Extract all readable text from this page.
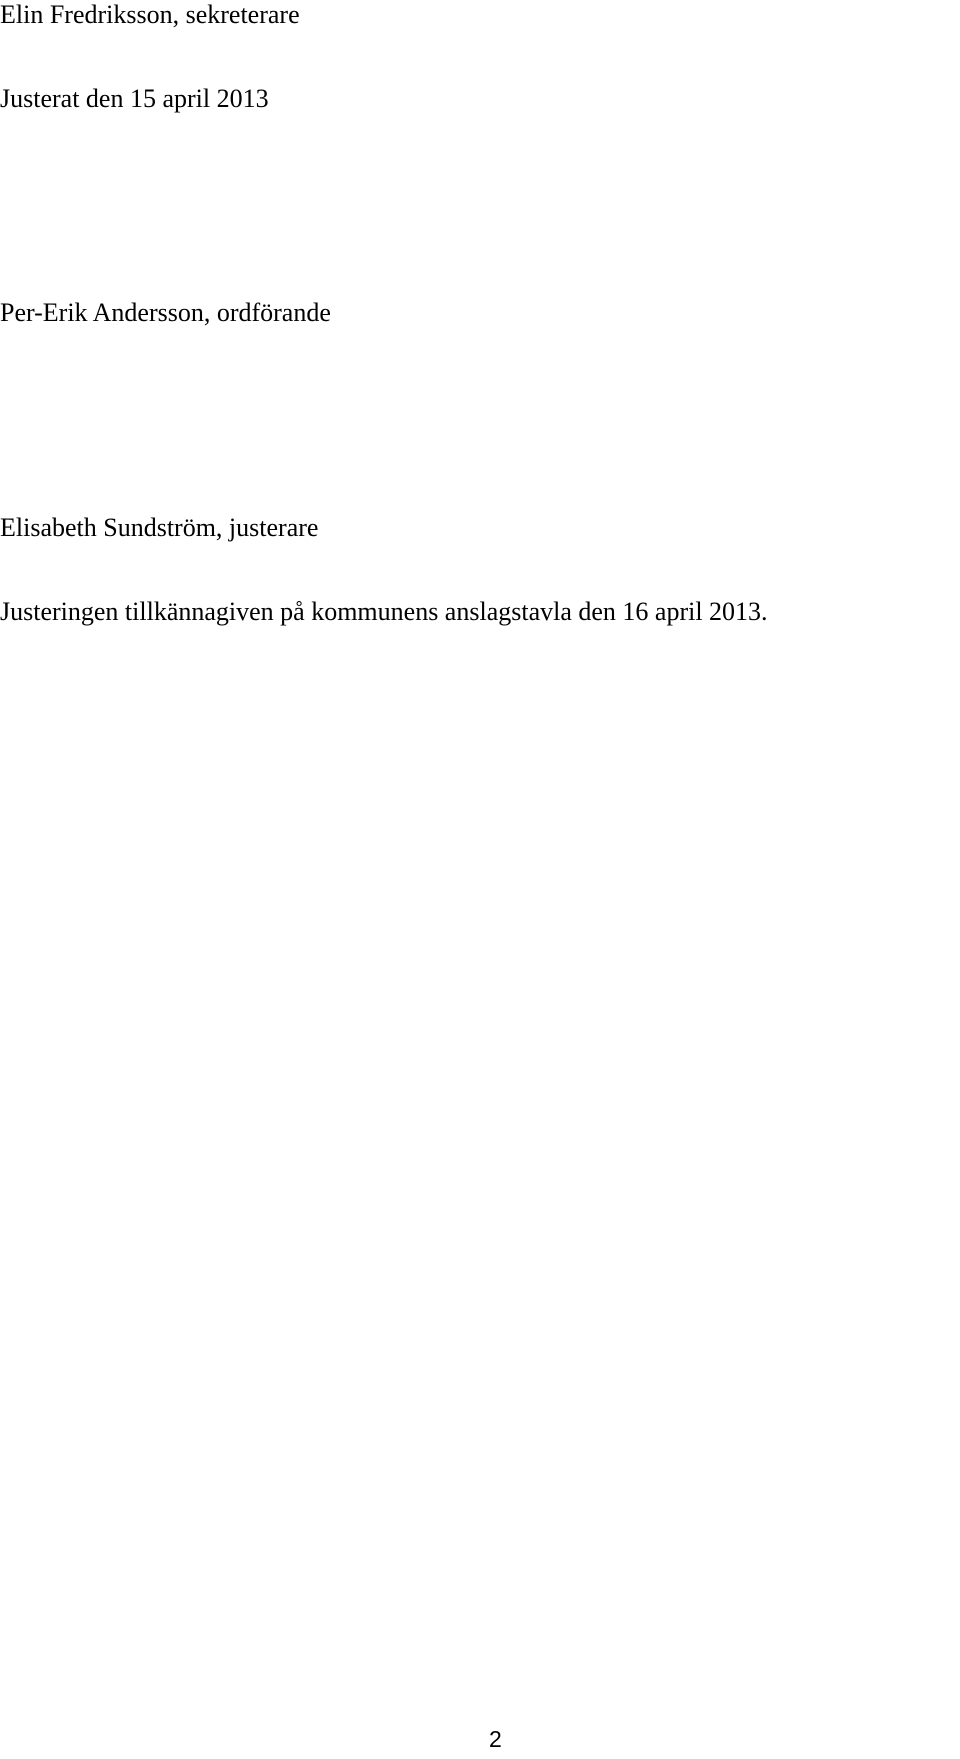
Elin Fredriksson, sekreterare
Justerat den 15 april 2013
Per-Erik Andersson, ordförande
Elisabeth Sundström, justerare
Justeringen tillkännagiven på kommunens anslagstavla den 16 april 2013.
2
